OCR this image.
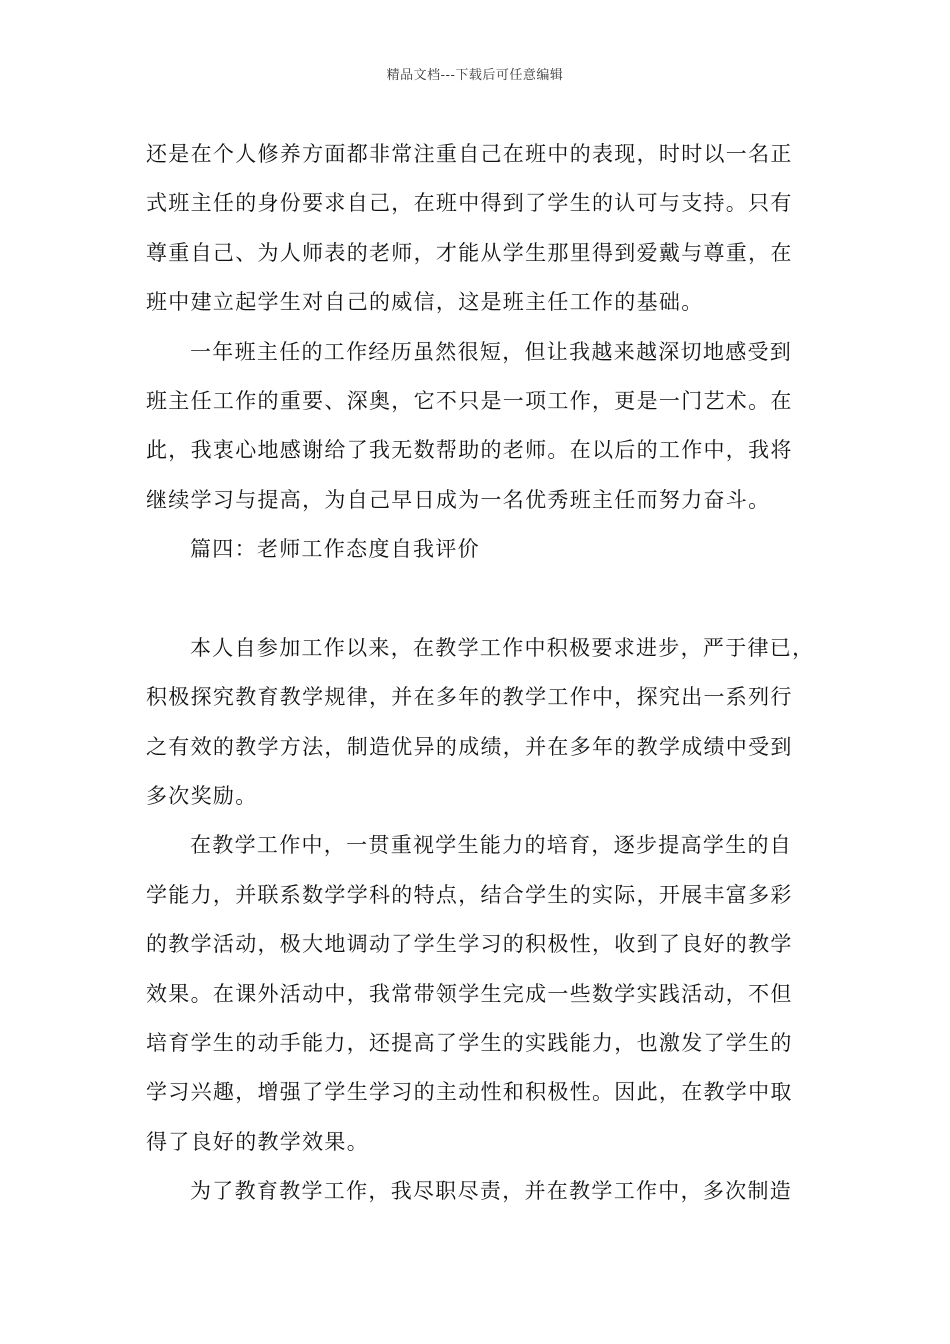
精品文档---下载后可任意编辑
还是在个人修养方面都非常注重自己在班中的表现，时时以一名正
式班主任的身份要求自己，在班中得到了学生的认可与支持。只有
尊重自己、为人师表的老师，才能从学生那里得到爱戴与尊重，在
班中建立起学生对自己的威信，这是班主任工作的基础。
一年班主任的工作经历虽然很短，但让我越来越深切地感受到
班主任工作的重要、深奥，它不只是一项工作，更是一门艺术。在
此，我衷心地感谢给了我无数帮助的老师。在以后的工作中，我将
继续学习与提高，为自己早日成为一名优秀班主任而努力奋斗。
篇四：老师工作态度自我评价
本人自参加工作以来，在教学工作中积极要求进步，严于律已，
积极探究教育教学规律，并在多年的教学工作中，探究出一系列行
之有效的教学方法，制造优异的成绩，并在多年的教学成绩中受到
多次奖励。
在教学工作中，一贯重视学生能力的培育，逐步提高学生的自
学能力，并联系数学学科的特点，结合学生的实际，开展丰富多彩
的教学活动，极大地调动了学生学习的积极性，收到了良好的教学
效果。在课外活动中，我常带领学生完成一些数学实践活动，不但
培育学生的动手能力，还提高了学生的实践能力，也激发了学生的
学习兴趣，增强了学生学习的主动性和积极性。因此，在教学中取
得了良好的教学效果。
为了教育教学工作，我尽职尽责，并在教学工作中，多次制造
